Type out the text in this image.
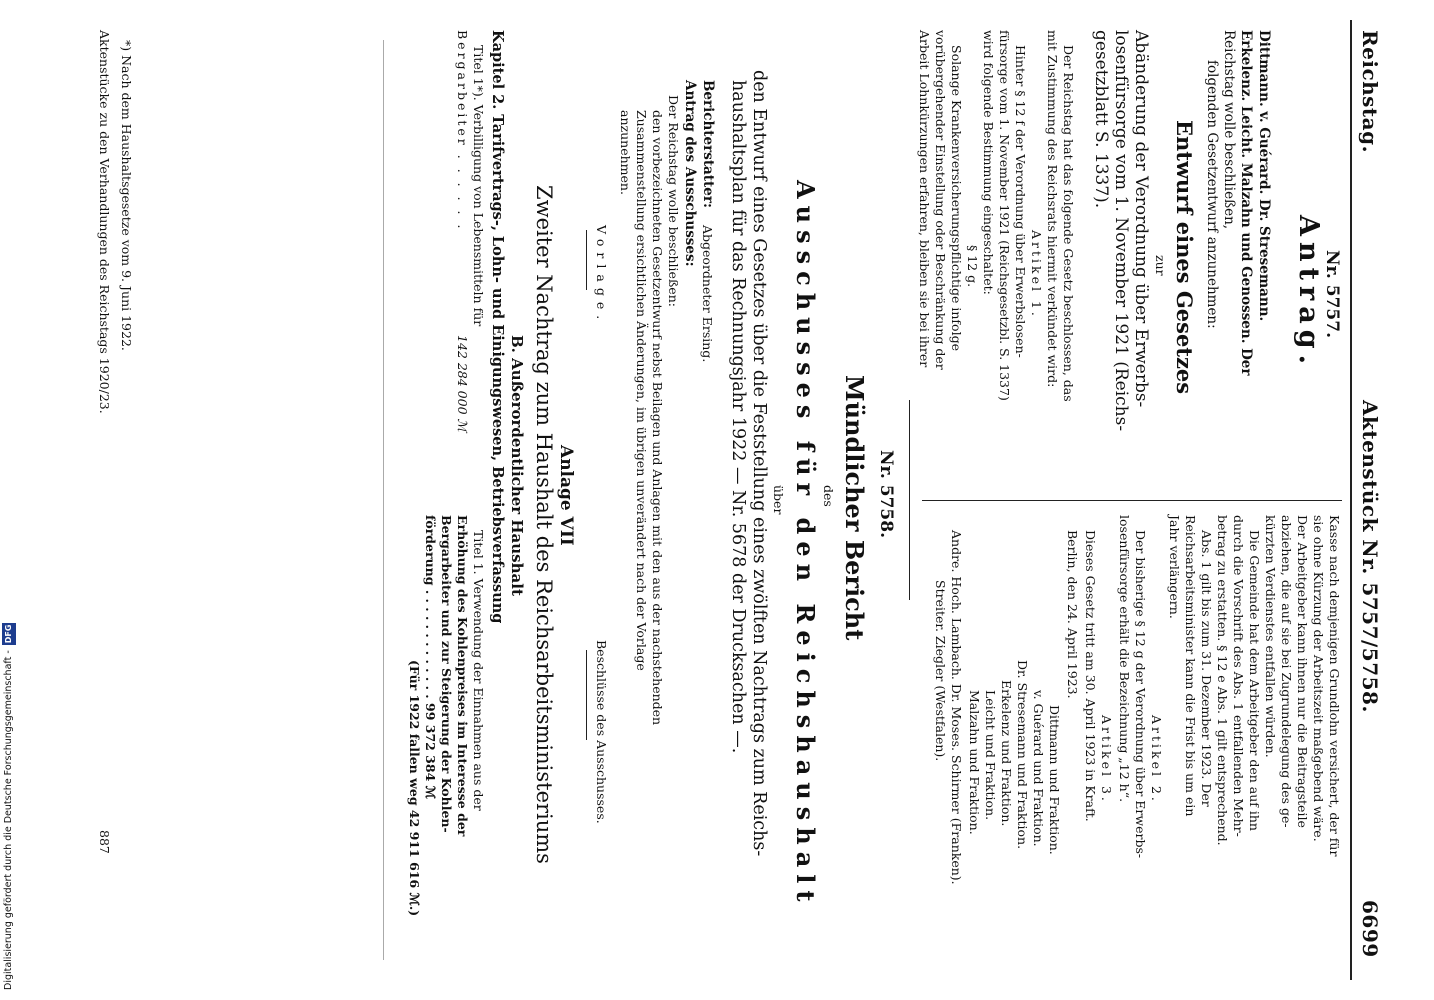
Reichstag.
Aktenstück Nr. 5757/5758.
6699
Nr. 5757.
Antrag.
Dittmann. v. Guérard. Dr. Stresemann.
Erkelenz. Leicht. Malzahn und Genossen. Der
Reichstag wolle beschließen,
folgenden Gesetzentwurf anzunehmen:
Entwurf eines Gesetzes
zur
Abänderung der Verordnung über Erwerbs-
losenfürsorge vom 1. November 1921 (Reichs-
gesetzblatt S. 1337).
Der Reichstag hat das folgende Gesetz beschlossen, das
mit Zustimmung des Reichsrats hiermit verkündet wird:
Artikel 1.
Hinter § 12 f der Verordnung über Erwerbslosen-
fürsorge vom 1. November 1921 (Reichsgesetzbl. S. 1337)
wird folgende Bestimmung eingeschaltet:
§ 12 g.
Solange Krankenversicherungspflichtige infolge
vorübergehender Einstellung oder Beschränkung der
Arbeit Lohnkürzungen erfahren, bleiben sie bei ihrer
Kasse nach demjenigen Grundlohn versichert, der für
sie ohne Kürzung der Arbeitszeit maßgebend wäre.
Der Arbeitgeber kann ihnen nur die Beitragsteile
abziehen, die auf sie bei Zugrundelegung des ge-
kürzten Verdienstes entfallen würden.
Die Gemeinde hat dem Arbeitgeber den auf ihn
durch die Vorschrift des Abs. 1 entfallenden Mehr-
betrag zu erstatten. § 12 e Abs. 1 gilt entsprechend.
Abs. 1 gilt bis zum 31. Dezember 1923. Der
Reichsarbeitsminister kann die Frist bis um ein
Jahr verlängern.
Artikel 2.
Der bisherige § 12 g der Verordnung über Erwerbs-
losenfürsorge erhält die Bezeichnung „12 h“.
Artikel 3.
Dieses Gesetz tritt am 30. April 1923 in Kraft.
Berlin, den 24. April 1923.
Dittmann und Fraktion.
v. Guérard und Fraktion.
Dr. Stresemann und Fraktion.
Erkelenz und Fraktion.
Leicht und Fraktion.
Malzahn und Fraktion.
Andre. Hoch. Lambach. Dr. Moses. Schirmer (Franken).
Streiter. Ziegler (Westfalen).
Nr. 5758.
Mündlicher Bericht
des
Ausschusses für den Reichshaushalt
über
den Entwurf eines Gesetzes über die Feststellung eines zwölften Nachtrags zum Reichs-
haushaltsplan für das Rechnungsjahr 1922 — Nr. 5678 der Drucksachen —.
Berichterstatter:
Abgeordneter Ersing.
Antrag des Ausschusses:
Der Reichstag wolle beschließen:
den vorbezeichneten Gesetzentwurf nebst Beilagen und Anlagen mit den aus der nachstehenden
Zusammenstellung ersichtlichen Änderungen, im übrigen unverändert nach der Vorlage
anzunehmen.
Vorlage.
Beschlüsse des Ausschusses.
Anlage VII
Zweiter Nachtrag zum Haushalt des Reichsarbeitsministeriums
B. Außerordentlicher Haushalt
Kapitel 2. Tarifvertrags-, Lohn- und Einigungswesen, Betriebsverfassung
Titel 1*). Verbilligung von Lebensmitteln für
Bergarbeiter . . . . . .
142 284 000 ℳ
Titel 1. Verwendung der Einnahmen aus der
Erhöhung des Kohlenpreises im Interesse der
Bergarbeiter und zur Steigerung der Kohlen-
förderung . . . . . . . . . . . . . 99 372 384 ℳ
(Für 1922 fallen weg 42 911 616 ℳ.)
*) Nach dem Haushaltsgesetze vom 9. Juni 1922.
Aktenstücke zu den Verhandlungen des Reichstags 1920/23.
887
Digitalisierung gefördert durch die Deutsche Forschungsgemeinschaft - DFG
